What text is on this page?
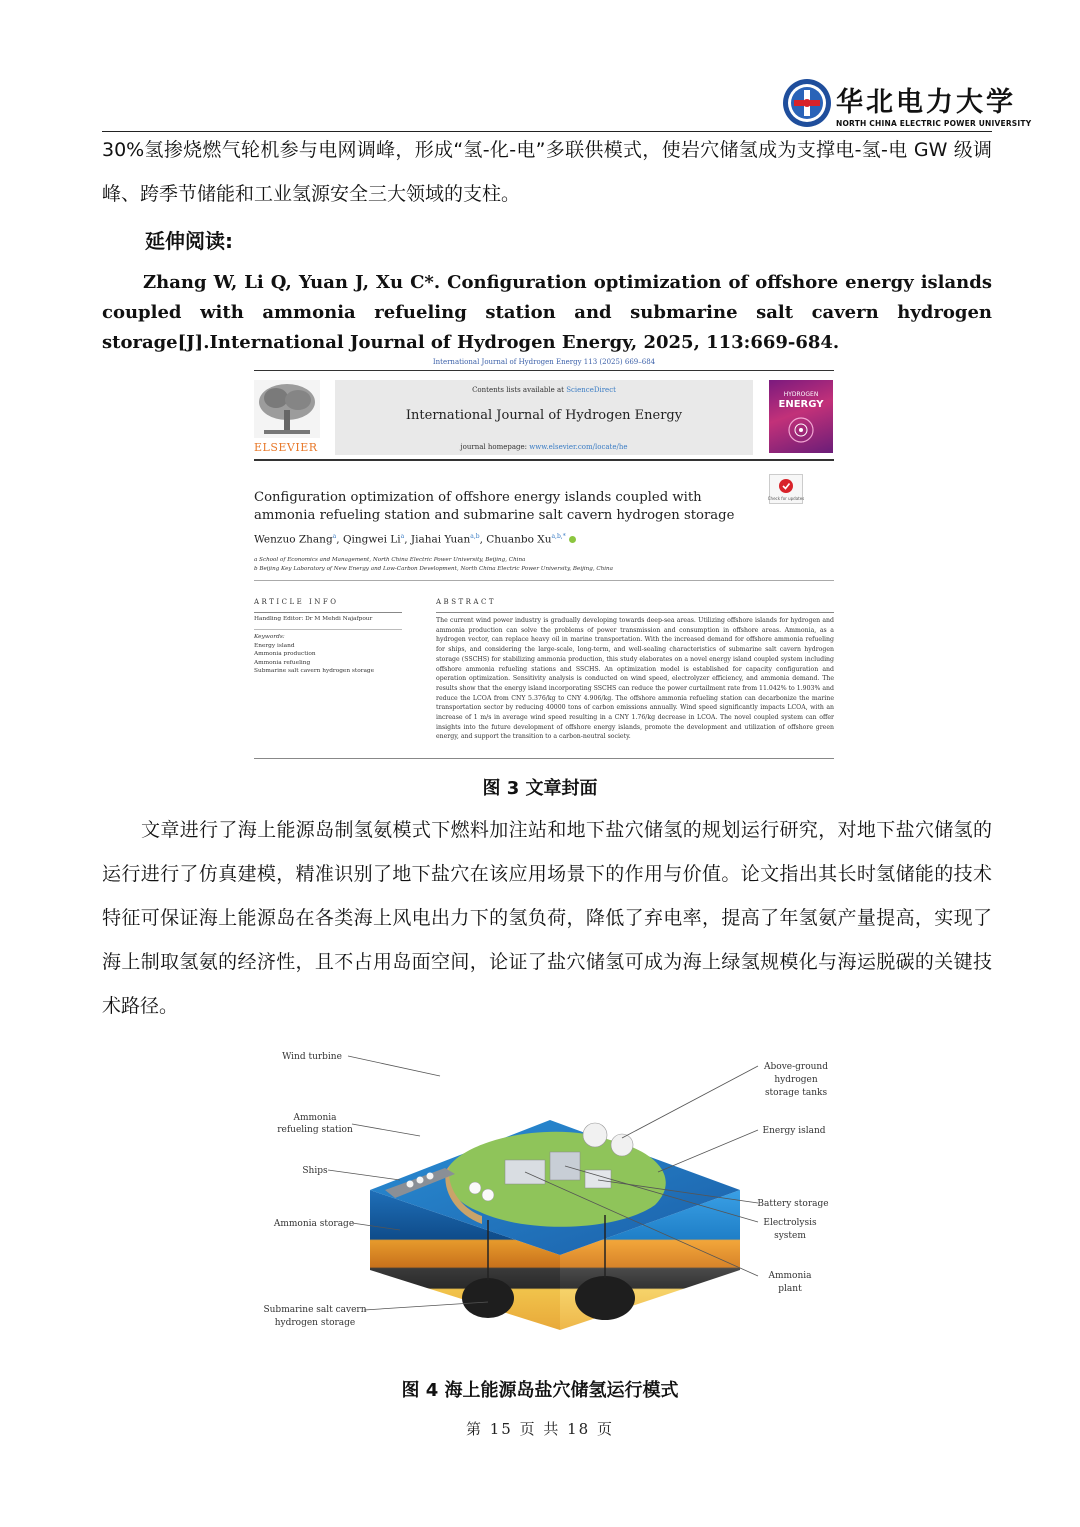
华北电力大学
NORTH CHINA ELECTRIC POWER UNIVERSITY
30%氢掺烧燃气轮机参与电网调峰，形成“氢-化-电”多联供模式，使岩穴储氢成为支撑电-氢-电 GW 级调峰、跨季节储能和工业氢源安全三大领域的支柱。
延伸阅读:
Zhang W, Li Q, Yuan J, Xu C*. Configuration optimization of offshore energy islands coupled with ammonia refueling station and submarine salt cavern hydrogen storage[J].International Journal of Hydrogen Energy, 2025, 113:669-684.
International Journal of Hydrogen Energy 113 (2025) 669–684
ELSEVIER
Contents lists available at ScienceDirect
International Journal of Hydrogen Energy
journal homepage: www.elsevier.com/locate/he
HYDROGEN
ENERGY
Check for updates
Configuration optimization of offshore energy islands coupled with ammonia refueling station and submarine salt cavern hydrogen storage
Wenzuo Zhang$^a$, Qingwei Li$^a$, Jiahai Yuan$^{a,b}$, Chuanbo $Xu^{a,b,*}$
a School of Economics and Management, North China Electric Power University, Beijing, China
b Beijing Key Laboratory of New Energy and Low-Carbon Development, North China Electric Power University, Beijing, China
ARTICLE INFO	ABSTRACT
Handling Editor: Dr M Mehdi Najafpour
Keywords:
Energy island
Ammonia production
Ammonia refueling
Submarine salt cavern hydrogen storage
The current wind power industry is gradually developing towards deep-sea areas. Utilizing offshore islands for hydrogen and ammonia production can solve the problems of power transmission and consumption in offshore areas. Ammonia, as a hydrogen vector, can replace heavy oil in marine transportation. With the increased demand for offshore ammonia refueling for ships, and considering the large-scale, long-term, and well-sealing characteristics of submarine salt cavern hydrogen storage (SSCHS) for stabilizing ammonia production, this study elaborates on a novel energy island coupled system including offshore ammonia refueling stations and SSCHS. An optimization model is established for capacity configuration and operation optimization. Sensitivity analysis is conducted on wind speed, electrolyzer efficiency, and ammonia demand. The results show that the energy island incorporating SSCHS can reduce the power curtailment rate from 11.042% to 1.903% and reduce the LCOA from CNY 5.376/kg to CNY 4.906/kg. The offshore ammonia refueling station can decarbonize the marine transportation sector by reducing 40000 tons of carbon emissions annually. Wind speed significantly impacts LCOA, with an increase of 1 m/s in average wind speed resulting in a CNY 1.76/kg decrease in LCOA. The novel coupled system can offer insights into the future development of offshore energy islands, promote the development and utilization of offshore green energy, and support the transition to a carbon-neutral society.
图 3 文章封面
文章进行了海上能源岛制氢氨模式下燃料加注站和地下盐穴储氢的规划运行研究，对地下盐穴储氢的运行进行了仿真建模，精准识别了地下盐穴在该应用场景下的作用与价值。论文指出其长时氢储能的技术特征可保证海上能源岛在各类海上风电出力下的氢负荷，降低了弃电率，提高了年氢氨产量提高，实现了海上制取氢氨的经济性，且不占用岛面空间，论证了盐穴储氢可成为海上绿氢规模化与海运脱碳的关键技术路径。
Wind turbine
Ammonia
refueling station
Ships
Ammonia storage
Submarine salt cavern
hydrogen storage
Above-ground
hydrogen
storage tanks
Energy island
Battery storage
Electrolysis
system
Ammonia
plant
图 4 海上能源岛盐穴储氢运行模式
第 15 页 共 18 页
